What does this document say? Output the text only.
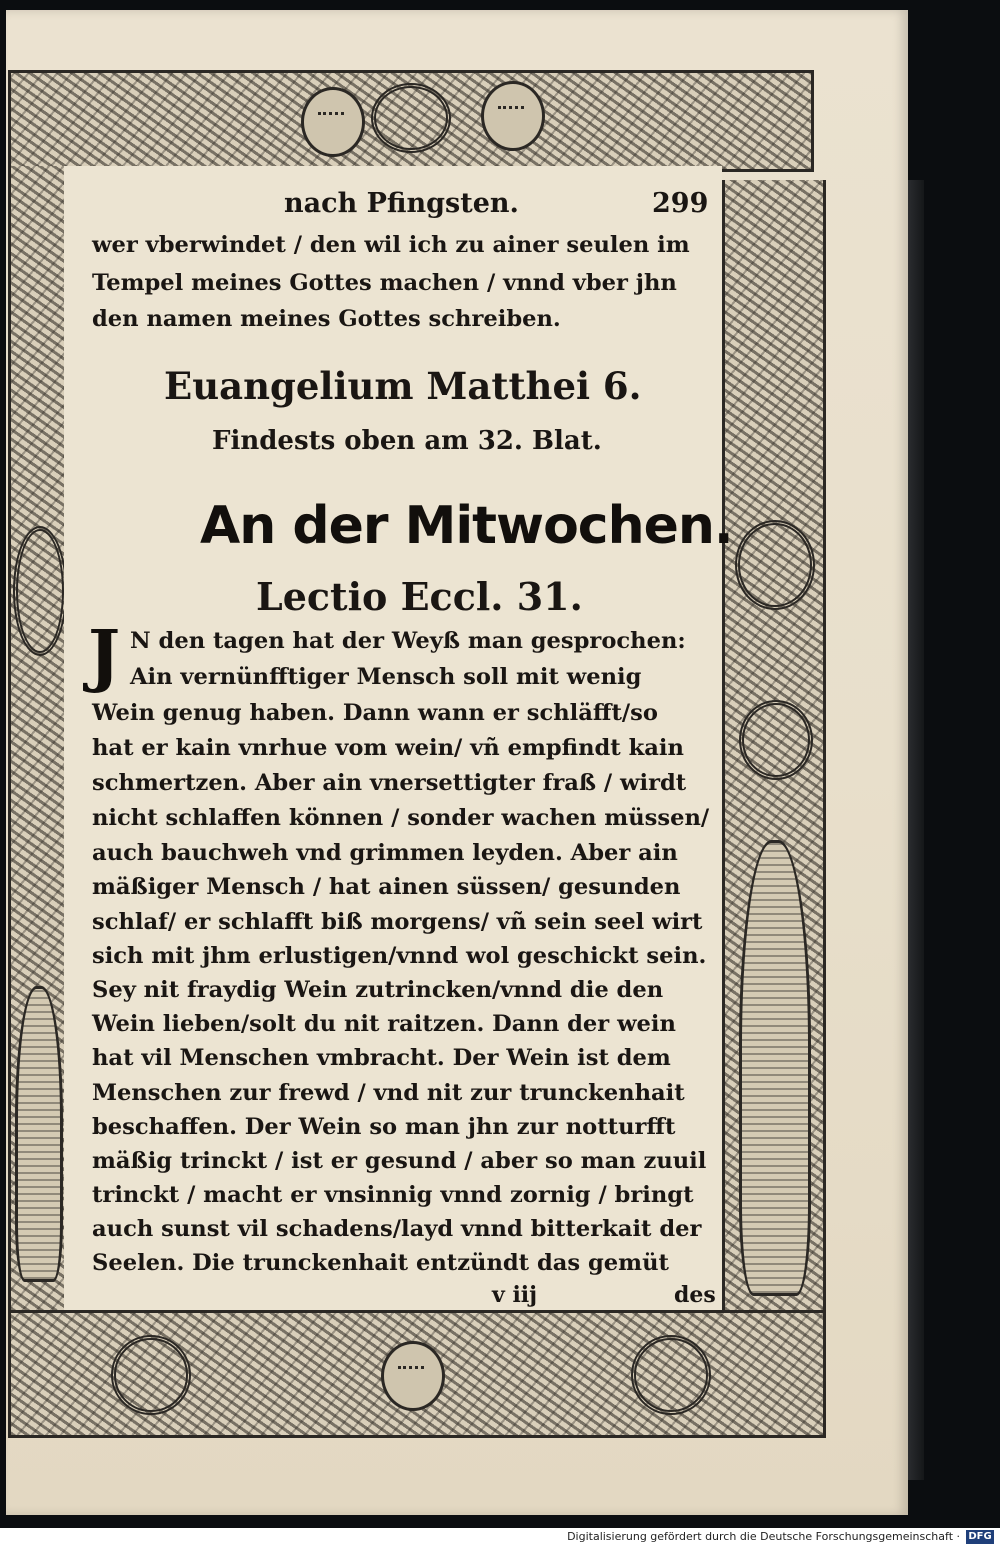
nach Pfingsten.	299
wer vberwindet / den wil ich zu ainer seulen im
Tempel meines Gottes machen / vnnd vber jhn
den namen meines Gottes schreiben.
Euangelium Matthei 6.
Findests oben am 32. Blat.
An der Mitwochen.
Lectio Eccl. 31.
J N den tagen hat der Weyß man gesprochen:
Ain vernünfftiger Mensch soll mit wenig
Wein genug haben. Dann wann er schläfft/so
hat er kain vnrhue vom wein/ vñ empfindt kain
schmertzen. Aber ain vnersettigter fraß / wirdt
nicht schlaffen können / sonder wachen müssen/
auch bauchweh vnd grimmen leyden. Aber ain
mäßiger Mensch / hat ainen süssen/ gesunden
schlaf/ er schlafft biß morgens/ vñ sein seel wirt
sich mit jhm erlustigen/vnnd wol geschickt sein.
Sey nit fraydig Wein zutrincken/vnnd die den
Wein lieben/solt du nit raitzen. Dann der wein
hat vil Menschen vmbracht. Der Wein ist dem
Menschen zur frewd / vnd nit zur trunckenhait
beschaffen. Der Wein so man jhn zur notturfft
mäßig trinckt / ist er gesund / aber so man zuuil
trinckt / macht er vnsinnig vnnd zornig / bringt
auch sunst vil schadens/layd vnnd bitterkait der
Seelen. Die trunckenhait entzündt das gemüt
v iij	des
Digitalisierung gefördert durch die Deutsche Forschungsgemeinschaft · DFG
